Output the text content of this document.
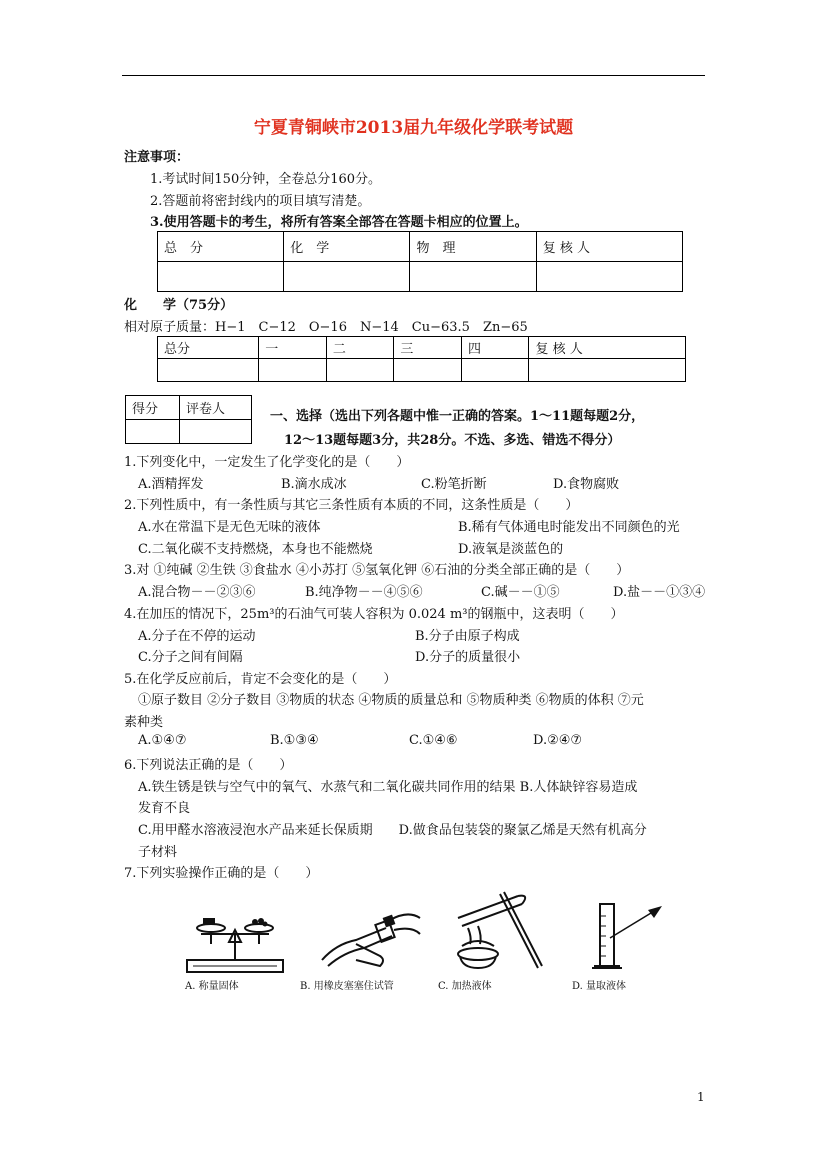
宁夏青铜峡市2013届九年级化学联考试题
注意事项：
1.考试时间150分钟，全卷总分160分。
2.答题前将密封线内的项目填写清楚。
3.使用答题卡的考生，将所有答案全部答在答题卡相应的位置上。
总　分	化　学	物　理	复 核 人

化　　学（75分）
相对原子质量：H−1　C−12　O−16　N−14　Cu−63.5　Zn−65
总分	一	二	三	四	复 核 人

得分	评卷人
		一、选择（选出下列各题中惟一正确的答案。1～11题每题2分，
12～13题每题3分，共28分。不选、多选、错选不得分）
1.下列变化中，一定发生了化学变化的是（　　）
A.酒精挥发	B.滴水成冰	C.粉笔折断	D.食物腐败
2.下列性质中，有一条性质与其它三条性质有本质的不同，这条性质是（　　）
A.水在常温下是无色无味的液体	B.稀有气体通电时能发出不同颜色的光
C.二氧化碳不支持燃烧，本身也不能燃烧	D.液氧是淡蓝色的
3.对 ①纯碱 ②生铁 ③食盐水 ④小苏打 ⑤氢氧化钾 ⑥石油的分类全部正确的是（　　）
A.混合物－－②③⑥	B.纯净物－－④⑤⑥	C.碱－－①⑤	D.盐－－①③④
4.在加压的情况下，25m³的石油气可装人容积为 0.024 m³的钢瓶中，这表明（　　）
A.分子在不停的运动	B.分子由原子构成
C.分子之间有间隔	D.分子的质量很小
5.在化学反应前后，肯定不会变化的是（　　）
①原子数目 ②分子数目 ③物质的状态 ④物质的质量总和 ⑤物质种类 ⑥物质的体积 ⑦元
素种类
A.①④⑦	B.①③④	C.①④⑥	D.②④⑦
6.下列说法正确的是（　　）
A.铁生锈是铁与空气中的氧气、水蒸气和二氧化碳共同作用的结果 B.人体缺锌容易造成
发育不良
C.用甲醛水溶液浸泡水产品来延长保质期　　D.做食品包装袋的聚氯乙烯是天然有机高分
子材料
7.下列实验操作正确的是（　　）
A. 称量固体	B. 用橡皮塞塞住试管	C. 加热液体	D. 量取液体
1
